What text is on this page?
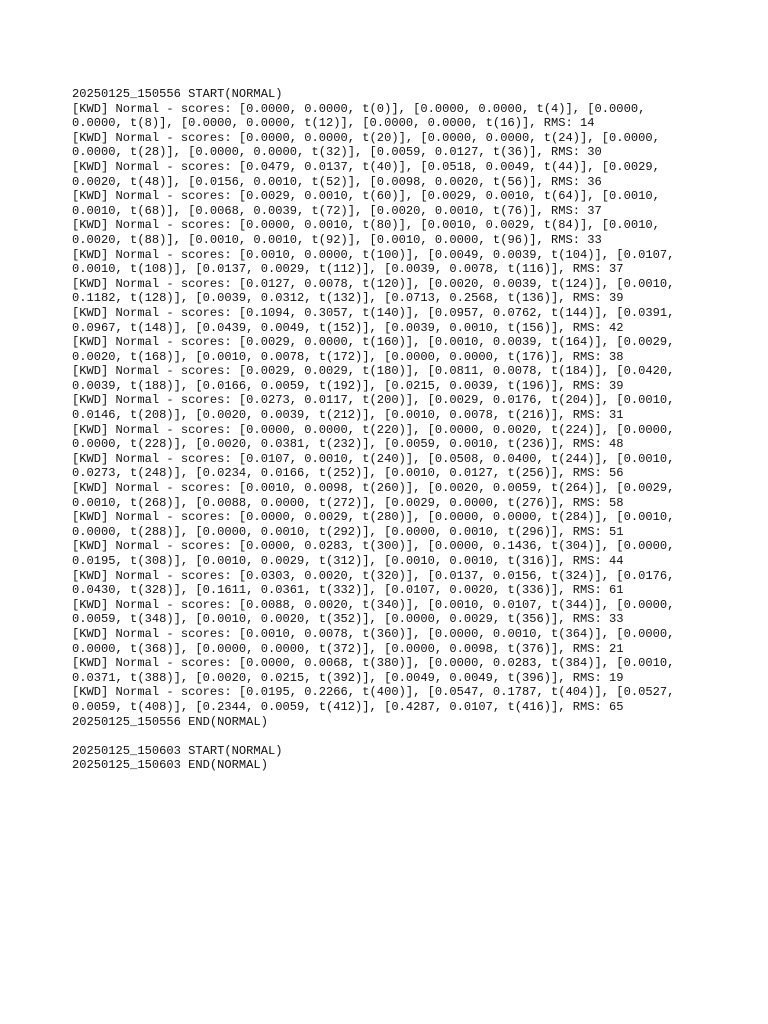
20250125_150556 START(NORMAL)
[KWD] Normal - scores: [0.0000, 0.0000, t(0)], [0.0000, 0.0000, t(4)], [0.0000,
0.0000, t(8)], [0.0000, 0.0000, t(12)], [0.0000, 0.0000, t(16)], RMS: 14
[KWD] Normal - scores: [0.0000, 0.0000, t(20)], [0.0000, 0.0000, t(24)], [0.0000,
0.0000, t(28)], [0.0000, 0.0000, t(32)], [0.0059, 0.0127, t(36)], RMS: 30
[KWD] Normal - scores: [0.0479, 0.0137, t(40)], [0.0518, 0.0049, t(44)], [0.0029,
0.0020, t(48)], [0.0156, 0.0010, t(52)], [0.0098, 0.0020, t(56)], RMS: 36
[KWD] Normal - scores: [0.0029, 0.0010, t(60)], [0.0029, 0.0010, t(64)], [0.0010,
0.0010, t(68)], [0.0068, 0.0039, t(72)], [0.0020, 0.0010, t(76)], RMS: 37
[KWD] Normal - scores: [0.0000, 0.0010, t(80)], [0.0010, 0.0029, t(84)], [0.0010,
0.0020, t(88)], [0.0010, 0.0010, t(92)], [0.0010, 0.0000, t(96)], RMS: 33
[KWD] Normal - scores: [0.0010, 0.0000, t(100)], [0.0049, 0.0039, t(104)], [0.0107,
0.0010, t(108)], [0.0137, 0.0029, t(112)], [0.0039, 0.0078, t(116)], RMS: 37
[KWD] Normal - scores: [0.0127, 0.0078, t(120)], [0.0020, 0.0039, t(124)], [0.0010,
0.1182, t(128)], [0.0039, 0.0312, t(132)], [0.0713, 0.2568, t(136)], RMS: 39
[KWD] Normal - scores: [0.1094, 0.3057, t(140)], [0.0957, 0.0762, t(144)], [0.0391,
0.0967, t(148)], [0.0439, 0.0049, t(152)], [0.0039, 0.0010, t(156)], RMS: 42
[KWD] Normal - scores: [0.0029, 0.0000, t(160)], [0.0010, 0.0039, t(164)], [0.0029,
0.0020, t(168)], [0.0010, 0.0078, t(172)], [0.0000, 0.0000, t(176)], RMS: 38
[KWD] Normal - scores: [0.0029, 0.0029, t(180)], [0.0811, 0.0078, t(184)], [0.0420,
0.0039, t(188)], [0.0166, 0.0059, t(192)], [0.0215, 0.0039, t(196)], RMS: 39
[KWD] Normal - scores: [0.0273, 0.0117, t(200)], [0.0029, 0.0176, t(204)], [0.0010,
0.0146, t(208)], [0.0020, 0.0039, t(212)], [0.0010, 0.0078, t(216)], RMS: 31
[KWD] Normal - scores: [0.0000, 0.0000, t(220)], [0.0000, 0.0020, t(224)], [0.0000,
0.0000, t(228)], [0.0020, 0.0381, t(232)], [0.0059, 0.0010, t(236)], RMS: 48
[KWD] Normal - scores: [0.0107, 0.0010, t(240)], [0.0508, 0.0400, t(244)], [0.0010,
0.0273, t(248)], [0.0234, 0.0166, t(252)], [0.0010, 0.0127, t(256)], RMS: 56
[KWD] Normal - scores: [0.0010, 0.0098, t(260)], [0.0020, 0.0059, t(264)], [0.0029,
0.0010, t(268)], [0.0088, 0.0000, t(272)], [0.0029, 0.0000, t(276)], RMS: 58
[KWD] Normal - scores: [0.0000, 0.0029, t(280)], [0.0000, 0.0000, t(284)], [0.0010,
0.0000, t(288)], [0.0000, 0.0010, t(292)], [0.0000, 0.0010, t(296)], RMS: 51
[KWD] Normal - scores: [0.0000, 0.0283, t(300)], [0.0000, 0.1436, t(304)], [0.0000,
0.0195, t(308)], [0.0010, 0.0029, t(312)], [0.0010, 0.0010, t(316)], RMS: 44
[KWD] Normal - scores: [0.0303, 0.0020, t(320)], [0.0137, 0.0156, t(324)], [0.0176,
0.0430, t(328)], [0.1611, 0.0361, t(332)], [0.0107, 0.0020, t(336)], RMS: 61
[KWD] Normal - scores: [0.0088, 0.0020, t(340)], [0.0010, 0.0107, t(344)], [0.0000,
0.0059, t(348)], [0.0010, 0.0020, t(352)], [0.0000, 0.0029, t(356)], RMS: 33
[KWD] Normal - scores: [0.0010, 0.0078, t(360)], [0.0000, 0.0010, t(364)], [0.0000,
0.0000, t(368)], [0.0000, 0.0000, t(372)], [0.0000, 0.0098, t(376)], RMS: 21
[KWD] Normal - scores: [0.0000, 0.0068, t(380)], [0.0000, 0.0283, t(384)], [0.0010,
0.0371, t(388)], [0.0020, 0.0215, t(392)], [0.0049, 0.0049, t(396)], RMS: 19
[KWD] Normal - scores: [0.0195, 0.2266, t(400)], [0.0547, 0.1787, t(404)], [0.0527,
0.0059, t(408)], [0.2344, 0.0059, t(412)], [0.4287, 0.0107, t(416)], RMS: 65
20250125_150556 END(NORMAL)
20250125_150603 START(NORMAL)
20250125_150603 END(NORMAL)
